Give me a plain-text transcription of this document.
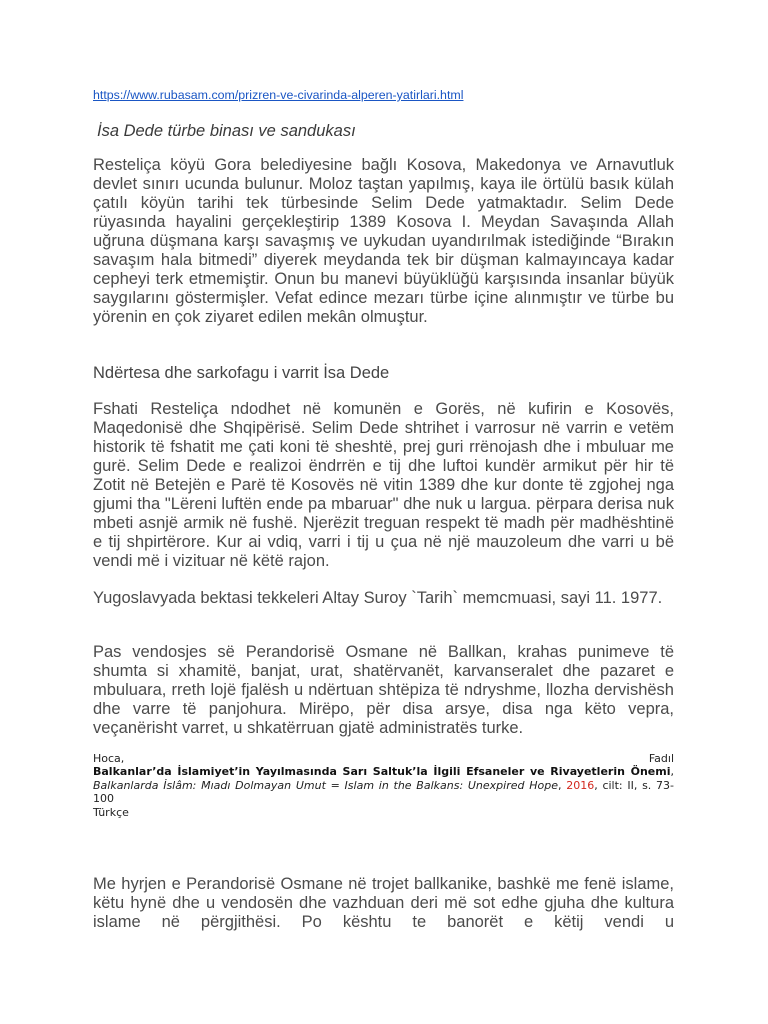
https://www.rubasam.com/prizren-ve-civarinda-alperen-yatirlari.html
İsa Dede türbe binası ve sandukası

Resteliça köyü Gora belediyesine bağlı Kosova, Makedonya ve Arnavutluk devlet sınırı ucunda bulunur. Moloz taştan yapılmış, kaya ile örtülü basık külah çatılı köyün tarihi tek türbesinde Selim Dede yatmaktadır. Selim Dede rüyasında hayalini gerçekleştirip 1389 Kosova I. Meydan Savaşında Allah uğruna düşmana karşı savaşmış ve uykudan uyandırılmak istediğinde “Bırakın savaşım hala bitmedi” diyerek meydanda tek bir düşman kalmayıncaya kadar cepheyi terk etmemiştir. Onun bu manevi büyüklüğü karşısında insanlar büyük saygılarını göstermişler. Vefat edince mezarı türbe içine alınmıştır ve türbe bu yörenin en çok ziyaret edilen mekân olmuştur.

Ndërtesa dhe sarkofagu i varrit İsa Dede

Fshati Resteliça ndodhet në komunën e Gorës, në kufirin e Kosovës, Maqedonisë dhe Shqipërisë. Selim Dede shtrihet i varrosur në varrin e vetëm historik të fshatit me çati koni të sheshtë, prej guri rrënojash dhe i mbuluar me gurë. Selim Dede e realizoi ëndrrën e tij dhe luftoi kundër armikut për hir të Zotit në Betejën e Parë të Kosovës në vitin 1389 dhe kur donte të zgjohej nga gjumi tha "Lëreni luftën ende pa mbaruar" dhe nuk u largua. përpara derisa nuk mbeti asnjë armik në fushë. Njerëzit treguan respekt të madh për madhështinë e tij shpirtërore. Kur ai vdiq, varri i tij u çua në një mauzoleum dhe varri u bë vendi më i vizituar në këtë rajon.

Yugoslavyada bektasi tekkeleri Altay Suroy `Tarih` memcmuasi, sayi 11. 1977.

Pas vendosjes së Perandorisë Osmane në Ballkan, krahas punimeve të shumta si xhamitë, banjat, urat, shatërvanët, karvanseralet dhe pazaret e mbuluara, rreth lojë fjalësh u ndërtuan shtëpiza të ndryshme, llozha dervishësh dhe varre të panjohura. Mirëpo, për disa arsye, disa nga këto vepra, veçanërisht varret, u shkatërruan gjatë administratës turke.

Hoca,	Fadıl
Balkanlar’da İslamiyet’in Yayılmasında Sarı Saltuk’la İlgili Efsaneler ve Rivayetlerin Önemi, Balkanlarda İslâm: Mıadı Dolmayan Umut = Islam in the Balkans: Unexpired Hope, 2016, cilt: II, s. 73-100
Türkçe

Me hyrjen e Perandorisë Osmane në trojet ballkanike, bashkë me fenë islame, këtu hynë dhe u vendosën dhe vazhduan deri më sot edhe gjuha dhe kultura islame në përgjithësi. Po kështu te banorët e këtij vendi u
